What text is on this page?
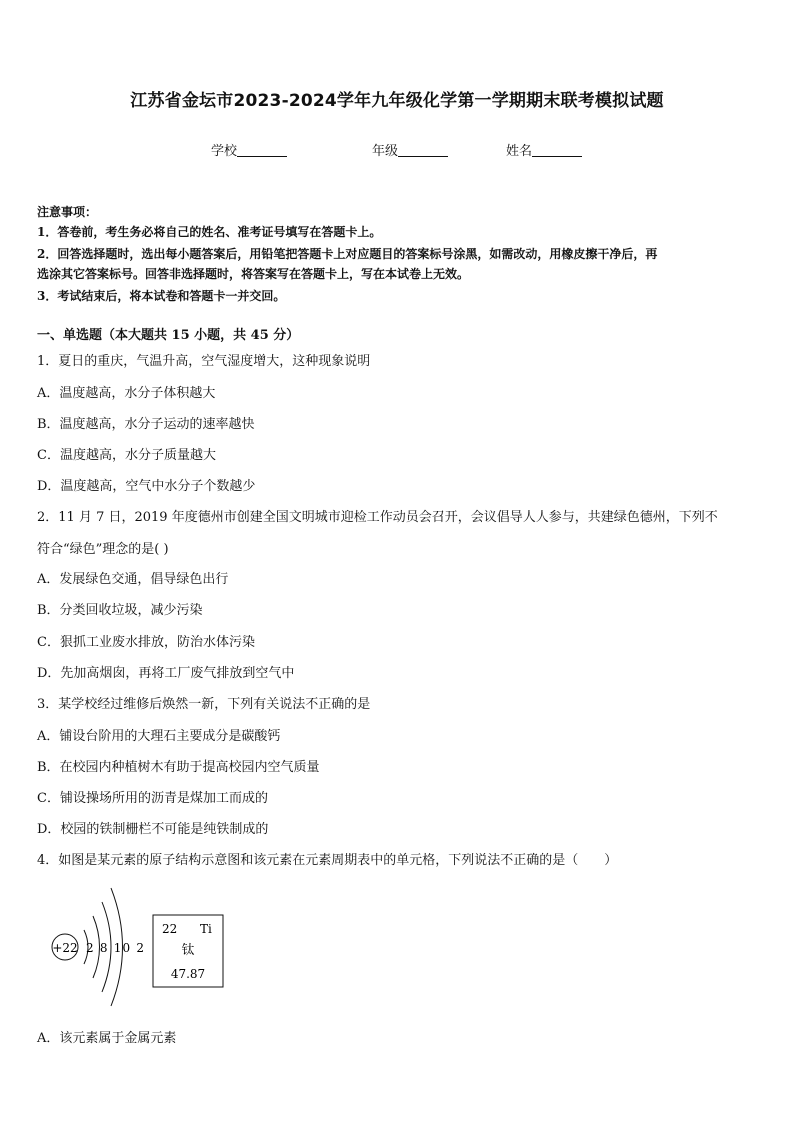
江苏省金坛市2023-2024学年九年级化学第一学期期末联考模拟试题
学校	年级	姓名
注意事项：
1．答卷前，考生务必将自己的姓名、准考证号填写在答题卡上。
2．回答选择题时，选出每小题答案后，用铅笔把答题卡上对应题目的答案标号涂黑，如需改动，用橡皮擦干净后，再
选涂其它答案标号。回答非选择题时，将答案写在答题卡上，写在本试卷上无效。
3．考试结束后，将本试卷和答题卡一并交回。
一、单选题（本大题共 15 小题，共 45 分）
1．夏日的重庆，气温升高，空气湿度增大，这种现象说明
A．温度越高，水分子体积越大
B．温度越高，水分子运动的速率越快
C．温度越高，水分子质量越大
D．温度越高，空气中水分子个数越少
2．11 月 7 日，2019 年度德州市创建全国文明城市迎检工作动员会召开，会议倡导人人参与，共建绿色德州，下列不
符合“绿色”理念的是( )
A．发展绿色交通，倡导绿色出行
B．分类回收垃圾，减少污染
C．狠抓工业废水排放，防治水体污染
D．先加高烟囱，再将工厂废气排放到空气中
3．某学校经过维修后焕然一新，下列有关说法不正确的是
A．铺设台阶用的大理石主要成分是碳酸钙
B．在校园内种植树木有助于提高校园内空气质量
C．铺设操场所用的沥青是煤加工而成的
D．校园的铁制栅栏不可能是纯铁制成的
4．如图是某元素的原子结构示意图和该元素在元素周期表中的单元格，下列说法不正确的是（　　）
+22 2 8 10 2
22 Ti
钛
47.87
A．该元素属于金属元素
